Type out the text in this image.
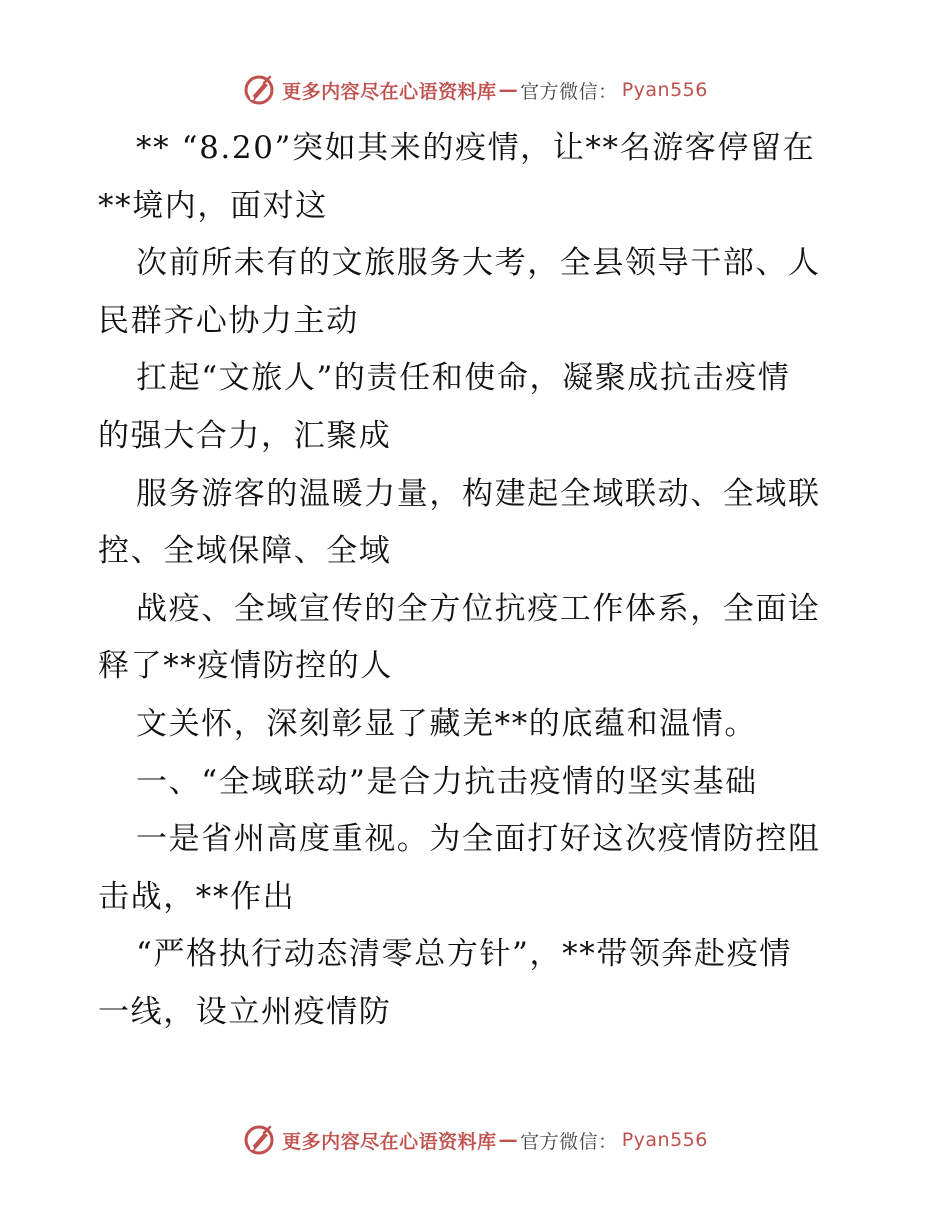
更多内容尽在心语资料库 — 官方微信： Pyan556
** “8.20”突如其来的疫情，让**名游客停留在
**境内，面对这
次前所未有的文旅服务大考，全县领导干部、人
民群齐心协力主动
扛起“文旅人”的责任和使命，凝聚成抗击疫情
的强大合力，汇聚成
服务游客的温暖力量，构建起全域联动、全域联
控、全域保障、全域
战疫、全域宣传的全方位抗疫工作体系，全面诠
释了**疫情防控的人
文关怀，深刻彰显了藏羌**的底蕴和温情。
一、“全域联动”是合力抗击疫情的坚实基础
一是省州高度重视。为全面打好这次疫情防控阻
击战，**作出
“严格执行动态清零总方针”，**带领奔赴疫情
一线，设立州疫情防
更多内容尽在心语资料库 — 官方微信： Pyan556
